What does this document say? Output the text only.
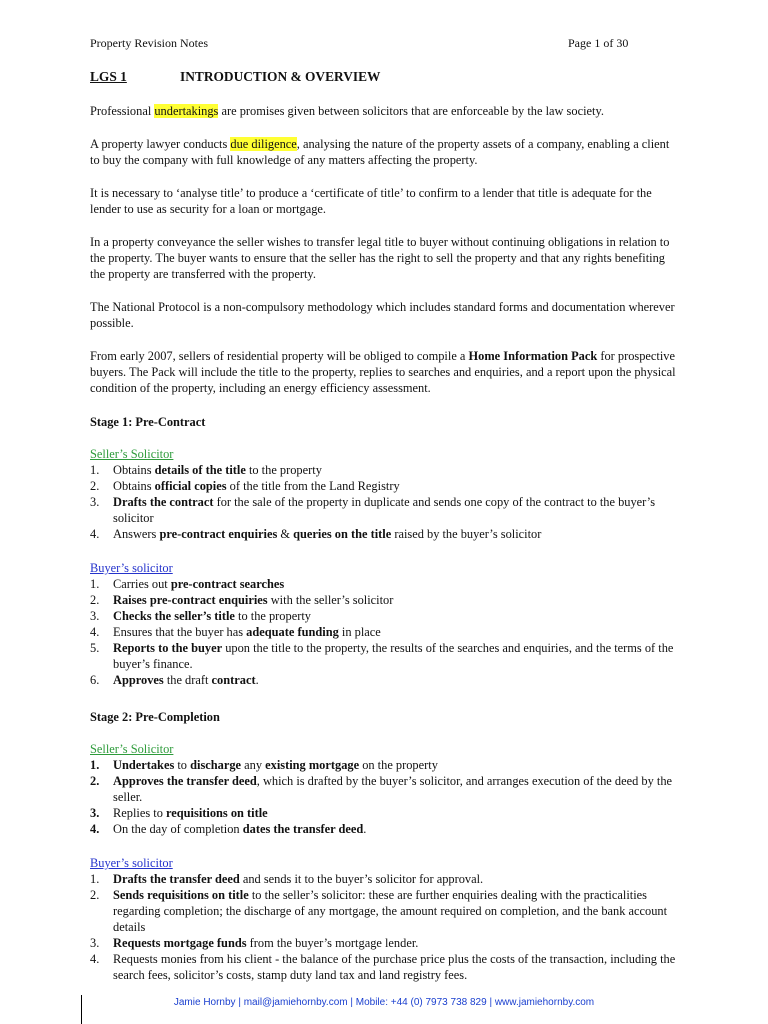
Property Revision Notes	Page 1 of 30
LGS 1	INTRODUCTION & OVERVIEW

Professional undertakings are promises given between solicitors that are enforceable by the law society.

A property lawyer conducts due diligence, analysing the nature of the property assets of a company, enabling a client to buy the company with full knowledge of any matters affecting the property.

It is necessary to ‘analyse title’ to produce a ‘certificate of title’ to confirm to a lender that title is adequate for the lender to use as security for a loan or mortgage.

In a property conveyance the seller wishes to transfer legal title to buyer without continuing obligations in relation to the property. The buyer wants to ensure that the seller has the right to sell the property and that any rights benefiting the property are transferred with the property.

The National Protocol is a non-compulsory methodology which includes standard forms and documentation wherever possible.

From early 2007, sellers of residential property will be obliged to compile a Home Information Pack for prospective buyers. The Pack will include the title to the property, replies to searches and enquiries, and a report upon the physical condition of the property, including an energy efficiency assessment.

Stage 1: Pre-Contract
Seller’s Solicitor
1. Obtains details of the title to the property
2. Obtains official copies of the title from the Land Registry
3. Drafts the contract for the sale of the property in duplicate and sends one copy of the contract to the buyer’s solicitor
4. Answers pre-contract enquiries & queries on the title raised by the buyer’s solicitor
Buyer’s solicitor
1. Carries out pre-contract searches
2. Raises pre-contract enquiries with the seller’s solicitor
3. Checks the seller’s title to the property
4. Ensures that the buyer has adequate funding in place
5. Reports to the buyer upon the title to the property, the results of the searches and enquiries, and the terms of the buyer’s finance.
6. Approves the draft contract.
Stage 2: Pre-Completion
Seller’s Solicitor
1. Undertakes to discharge any existing mortgage on the property
2. Approves the transfer deed, which is drafted by the buyer’s solicitor, and arranges execution of the deed by the seller.
3. Replies to requisitions on title
4. On the day of completion dates the transfer deed.
Buyer’s solicitor
1. Drafts the transfer deed and sends it to the buyer’s solicitor for approval.
2. Sends requisitions on title to the seller’s solicitor: these are further enquiries dealing with the practicalities regarding completion; the discharge of any mortgage, the amount required on completion, and the bank account details
3. Requests mortgage funds from the buyer’s mortgage lender.
4. Requests monies from his client - the balance of the purchase price plus the costs of the transaction, including the search fees, solicitor’s costs, stamp duty land tax and land registry fees.
Jamie Hornby | mail@jamiehornby.com | Mobile: +44 (0) 7973 738 829 | www.jamiehornby.com
